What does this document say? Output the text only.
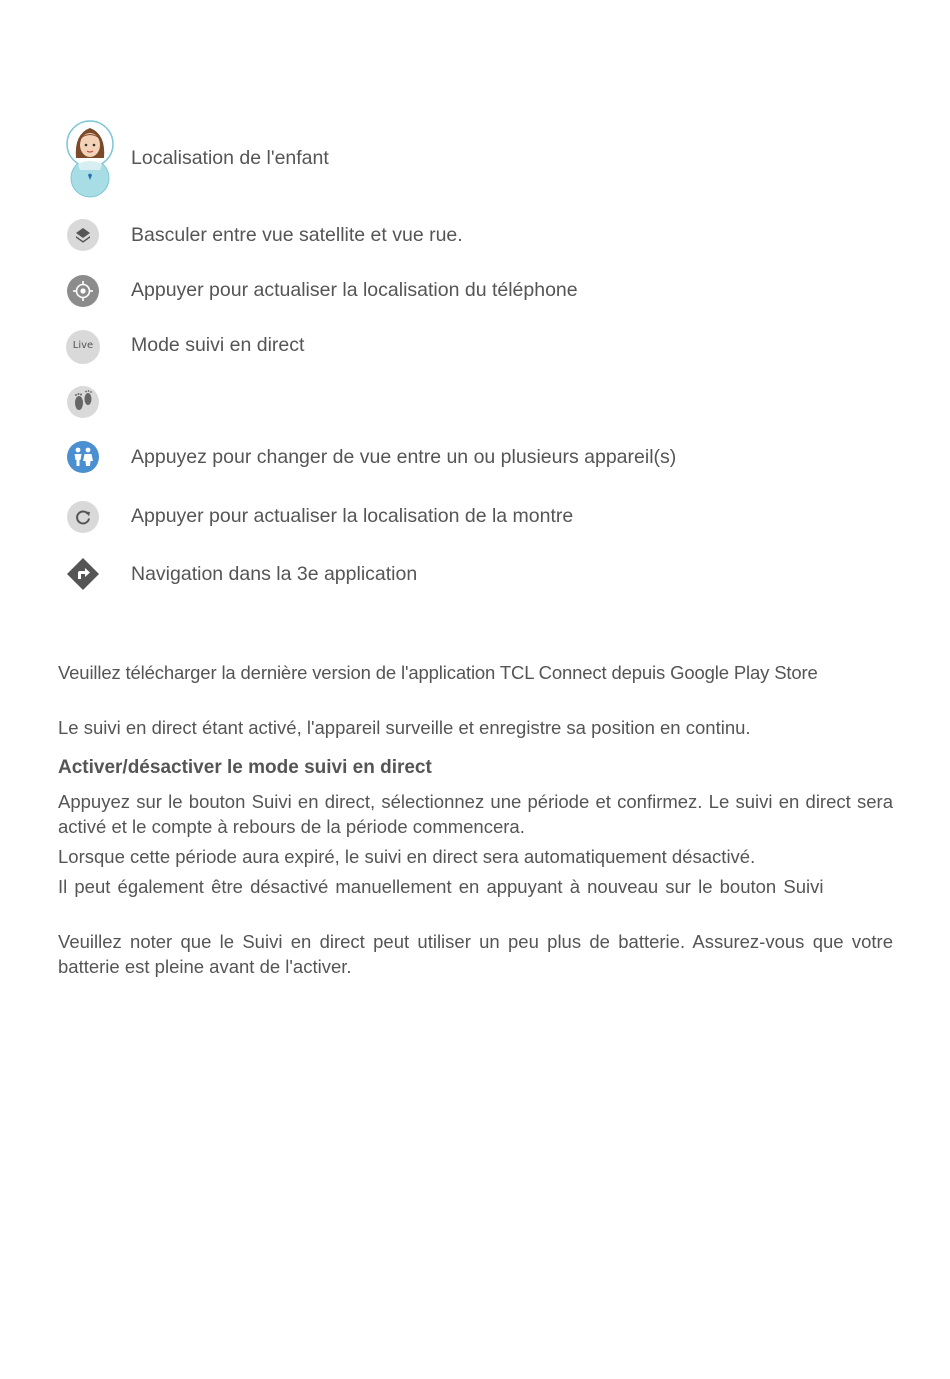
Localisation de l'enfant
Basculer entre vue satellite et vue rue.
Appuyer pour actualiser la localisation du téléphone
Live	Mode suivi en direct
Appuyez pour changer de vue entre un ou plusieurs appareil(s)
Appuyer pour actualiser la localisation de la montre
Navigation dans la 3e application

Veuillez télécharger la dernière version de l'application TCL Connect depuis Google Play Store

Le suivi en direct étant activé, l'appareil surveille et enregistre sa position en continu.

Activer/désactiver le mode suivi en direct

Appuyez sur le bouton Suivi en direct, sélectionnez une période et confirmez. Le suivi en direct sera activé et le compte à rebours de la période commencera.

Lorsque cette période aura expiré, le suivi en direct sera automatiquement désactivé.

Il peut également être désactivé manuellement en appuyant à nouveau sur le bouton Suivi

Veuillez noter que le Suivi en direct peut utiliser un peu plus de batterie. Assurez-vous que votre batterie est pleine avant de l'activer.
